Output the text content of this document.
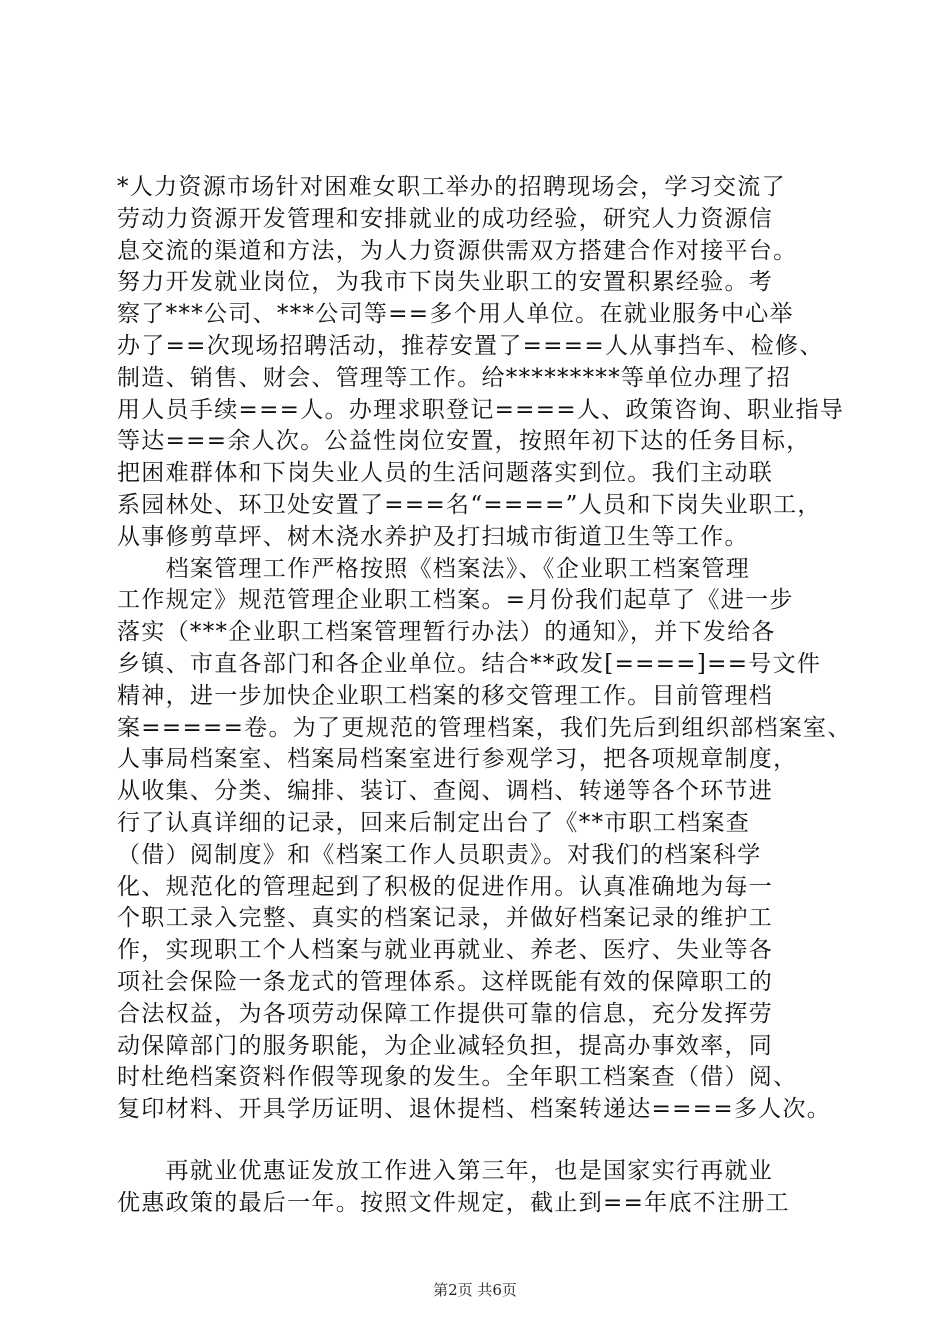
*人力资源市场针对困难女职工举办的招聘现场会，学习交流了
劳动力资源开发管理和安排就业的成功经验，研究人力资源信
息交流的渠道和方法，为人力资源供需双方搭建合作对接平台。
努力开发就业岗位，为我市下岗失业职工的安置积累经验。考
察了***公司、***公司等==多个用人单位。在就业服务中心举
办了==次现场招聘活动，推荐安置了====人从事挡车、检修、
制造、销售、财会、管理等工作。给*********等单位办理了招
用人员手续===人。办理求职登记====人、政策咨询、职业指导
等达===余人次。公益性岗位安置，按照年初下达的任务目标，
把困难群体和下岗失业人员的生活问题落实到位。我们主动联
系园林处、环卫处安置了===名“====”人员和下岗失业职工，
从事修剪草坪、树木浇水养护及打扫城市街道卫生等工作。
　　档案管理工作严格按照《档案法》、《企业职工档案管理
工作规定》规范管理企业职工档案。=月份我们起草了《进一步
落实（***企业职工档案管理暂行办法）的通知》，并下发给各
乡镇、市直各部门和各企业单位。结合**政发[====]==号文件
精神，进一步加快企业职工档案的移交管理工作。目前管理档
案=====卷。为了更规范的管理档案，我们先后到组织部档案室、
人事局档案室、档案局档案室进行参观学习，把各项规章制度，
从收集、分类、编排、装订、查阅、调档、转递等各个环节进
行了认真详细的记录，回来后制定出台了《**市职工档案查
（借）阅制度》和《档案工作人员职责》。对我们的档案科学
化、规范化的管理起到了积极的促进作用。认真准确地为每一
个职工录入完整、真实的档案记录，并做好档案记录的维护工
作，实现职工个人档案与就业再就业、养老、医疗、失业等各
项社会保险一条龙式的管理体系。这样既能有效的保障职工的
合法权益，为各项劳动保障工作提供可靠的信息，充分发挥劳
动保障部门的服务职能，为企业减轻负担，提高办事效率，同
时杜绝档案资料作假等现象的发生。全年职工档案查（借）阅、
复印材料、开具学历证明、退休提档、档案转递达====多人次。
　　再就业优惠证发放工作进入第三年，也是国家实行再就业
优惠政策的最后一年。按照文件规定，截止到==年底不注册工
第2页 共6页
